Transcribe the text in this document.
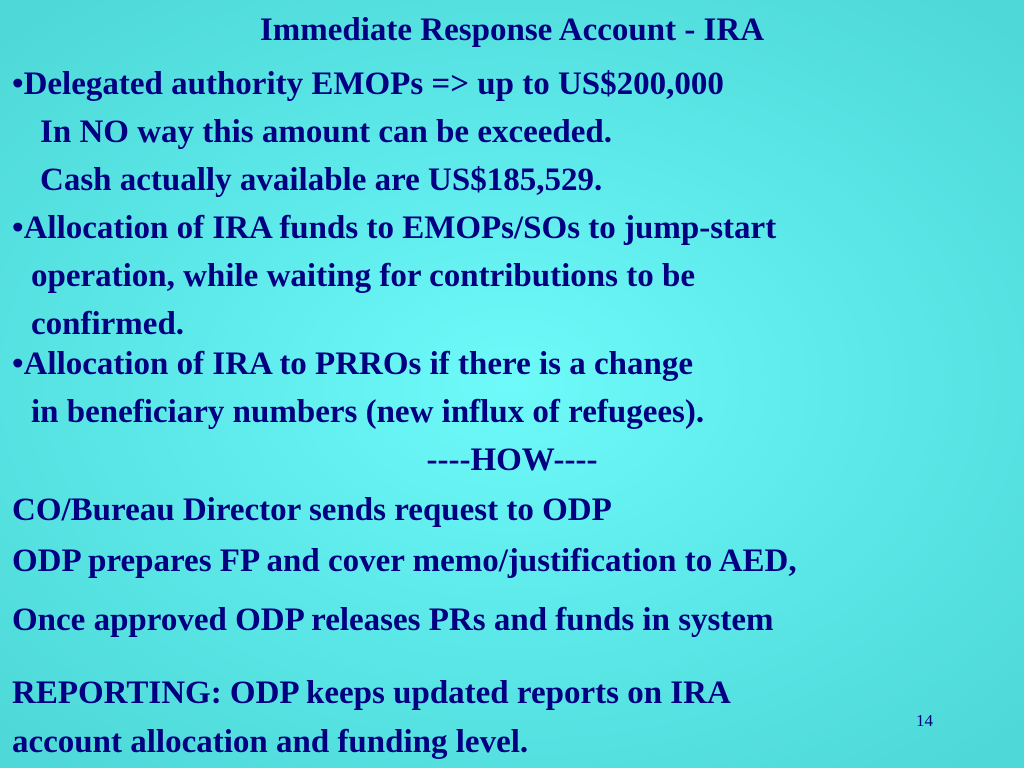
Immediate Response Account - IRA
•Delegated authority EMOPs => up to US$200,000
In NO way this amount can be exceeded.
Cash actually available are US$185,529.
•Allocation of IRA funds to EMOPs/SOs to jump-start
operation, while waiting for contributions to be
confirmed.
•Allocation of IRA to PRROs if there is a change
in beneficiary numbers (new influx of refugees).
----HOW----
CO/Bureau Director sends request to ODP
ODP prepares FP and cover memo/justification to AED,
Once approved ODP releases PRs and funds in system
REPORTING: ODP keeps updated reports on IRA
account allocation and funding level.
14
